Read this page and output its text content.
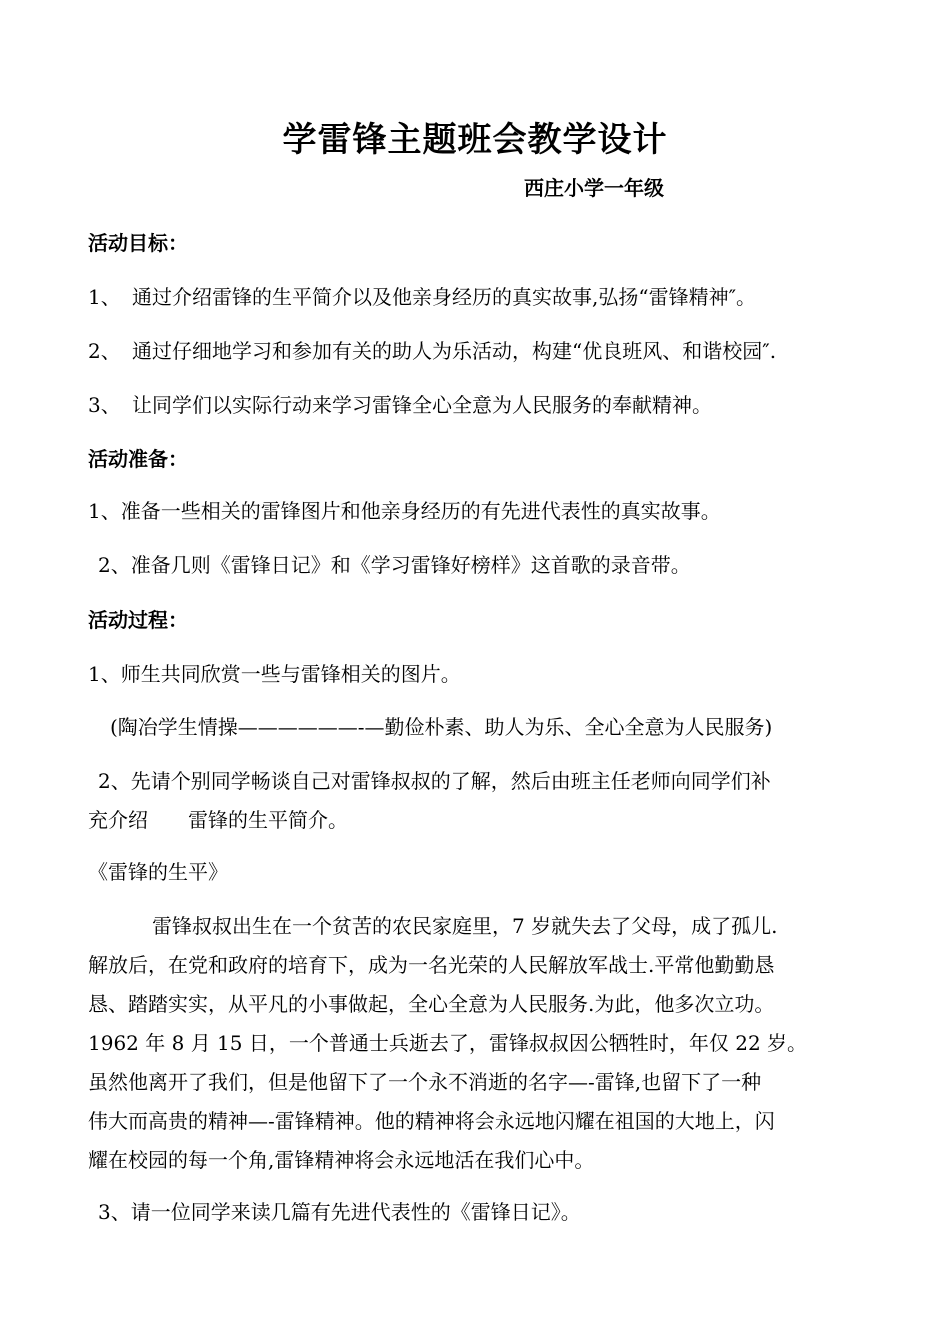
学雷锋主题班会教学设计
西庄小学一年级
活动目标：
1、 通过介绍雷锋的生平简介以及他亲身经历的真实故事,弘扬“雷锋精神″。
2、 通过仔细地学习和参加有关的助人为乐活动，构建“优良班风、和谐校园″.
3、 让同学们以实际行动来学习雷锋全心全意为人民服务的奉献精神。
活动准备：
1、准备一些相关的雷锋图片和他亲身经历的有先进代表性的真实故事。
2、准备几则《雷锋日记》和《学习雷锋好榜样》这首歌的录音带。
活动过程：
1、师生共同欣赏一些与雷锋相关的图片。
(陶冶学生情操——————-—勤俭朴素、助人为乐、全心全意为人民服务)
2、先请个别同学畅谈自己对雷锋叔叔的了解，然后由班主任老师向同学们补
充介绍　　雷锋的生平简介。
《雷锋的生平》
雷锋叔叔出生在一个贫苦的农民家庭里，7 岁就失去了父母，成了孤儿.
解放后，在党和政府的培育下，成为一名光荣的人民解放军战士.平常他勤勤恳
恳、踏踏实实，从平凡的小事做起，全心全意为人民服务.为此，他多次立功。
1962 年 8 月 15 日，一个普通士兵逝去了，雷锋叔叔因公牺牲时，年仅 22 岁。
虽然他离开了我们，但是他留下了一个永不消逝的名字—-雷锋,也留下了一种
伟大而高贵的精神—-雷锋精神。他的精神将会永远地闪耀在祖国的大地上，闪
耀在校园的每一个角,雷锋精神将会永远地活在我们心中。
3、请一位同学来读几篇有先进代表性的《雷锋日记》。
